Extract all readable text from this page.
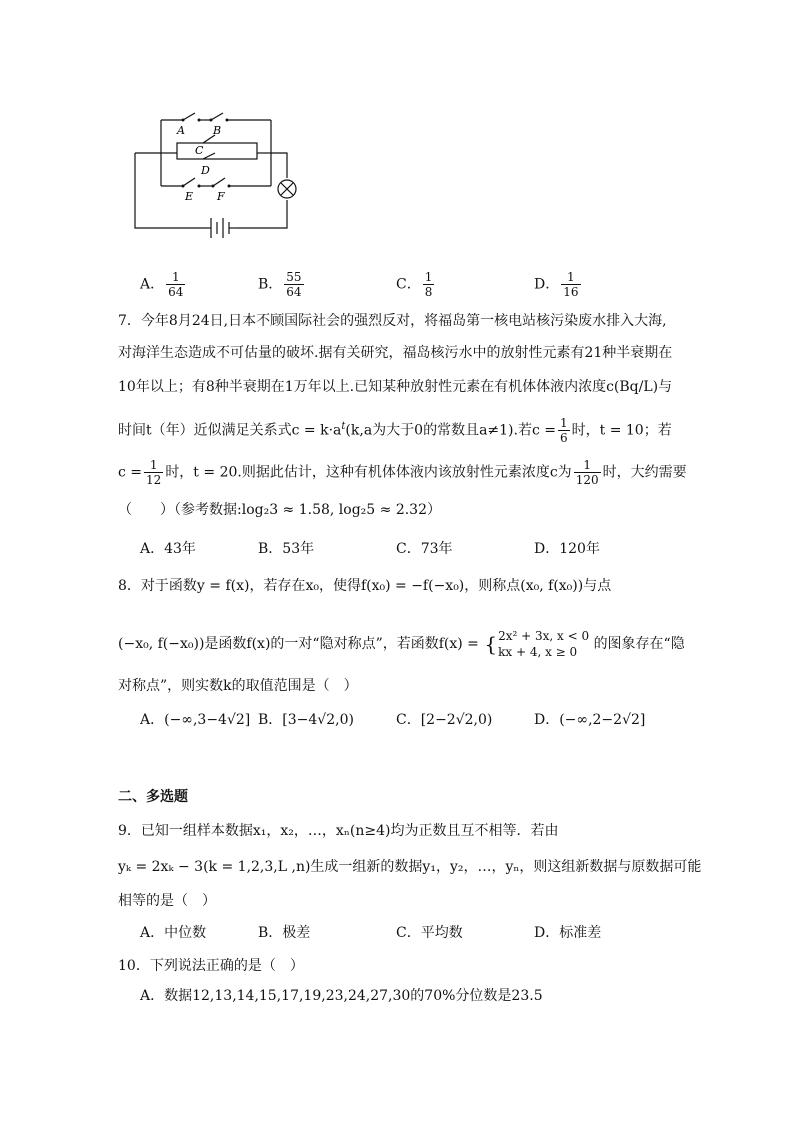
A	B
C
D
E F
A． $\frac{1}{64}$	B． $\frac{55}{64}$	C． $\frac{1}{8}$	D． $\frac{1}{16}$
7．今年8月24日,日本不顾国际社会的强烈反对，将福岛第一核电站核污染废水排入大海,
对海洋生态造成不可估量的破坏.据有关研究，福岛核污水中的放射性元素有21种半衰期在
10年以上；有8种半衰期在1万年以上.已知某种放射性元素在有机体体液内浓度c(Bq/L)与
时间t（年）近似满足关系式$c = k\cdot a^t(k,a$为大于0的常数且a≠1).若$c = \frac{1}{6}$ 时，t = 10；若
$c = \frac{1}{12}$ 时，t = 20.则据此估计，这种有机体体液内该放射性元素浓度c为 $\frac{1}{120}$ 时，大约需要
（　　）（参考数据:log₂3 ≈ 1.58, log₂5 ≈ 2.32）
A．43年	B．53年	C．73年	D．120年
8．对于函数y = f(x)，若存在x₀，使得f(x₀) = −f(−x₀)，则称点(x₀, f(x₀))与点
(−x₀, f(−x₀))是函数f(x)的一对“隐对称点”，若函数f(x) = { 2x² + 3x, x < 0
kx + 4, x ≥ 0	的图象存在“隐
对称点”，则实数k的取值范围是（　）
A．(−∞,3−4√2] B．[3−4√2,0)	C．[2−2√2,0)	D．(−∞,2−2√2]
二、多选题
9．已知一组样本数据x₁，x₂，…，xₙ(n≥4)均为正数且互不相等．若由
yₖ = 2xₖ − 3(k = 1,2,3,L ,n)生成一组新的数据y₁，y₂，…，yₙ，则这组新数据与原数据可能
相等的是（　）
A．中位数	B．极差	C．平均数	D．标准差
10．下列说法正确的是（　）
A．数据12,13,14,15,17,19,23,24,27,30的70%分位数是23.5
